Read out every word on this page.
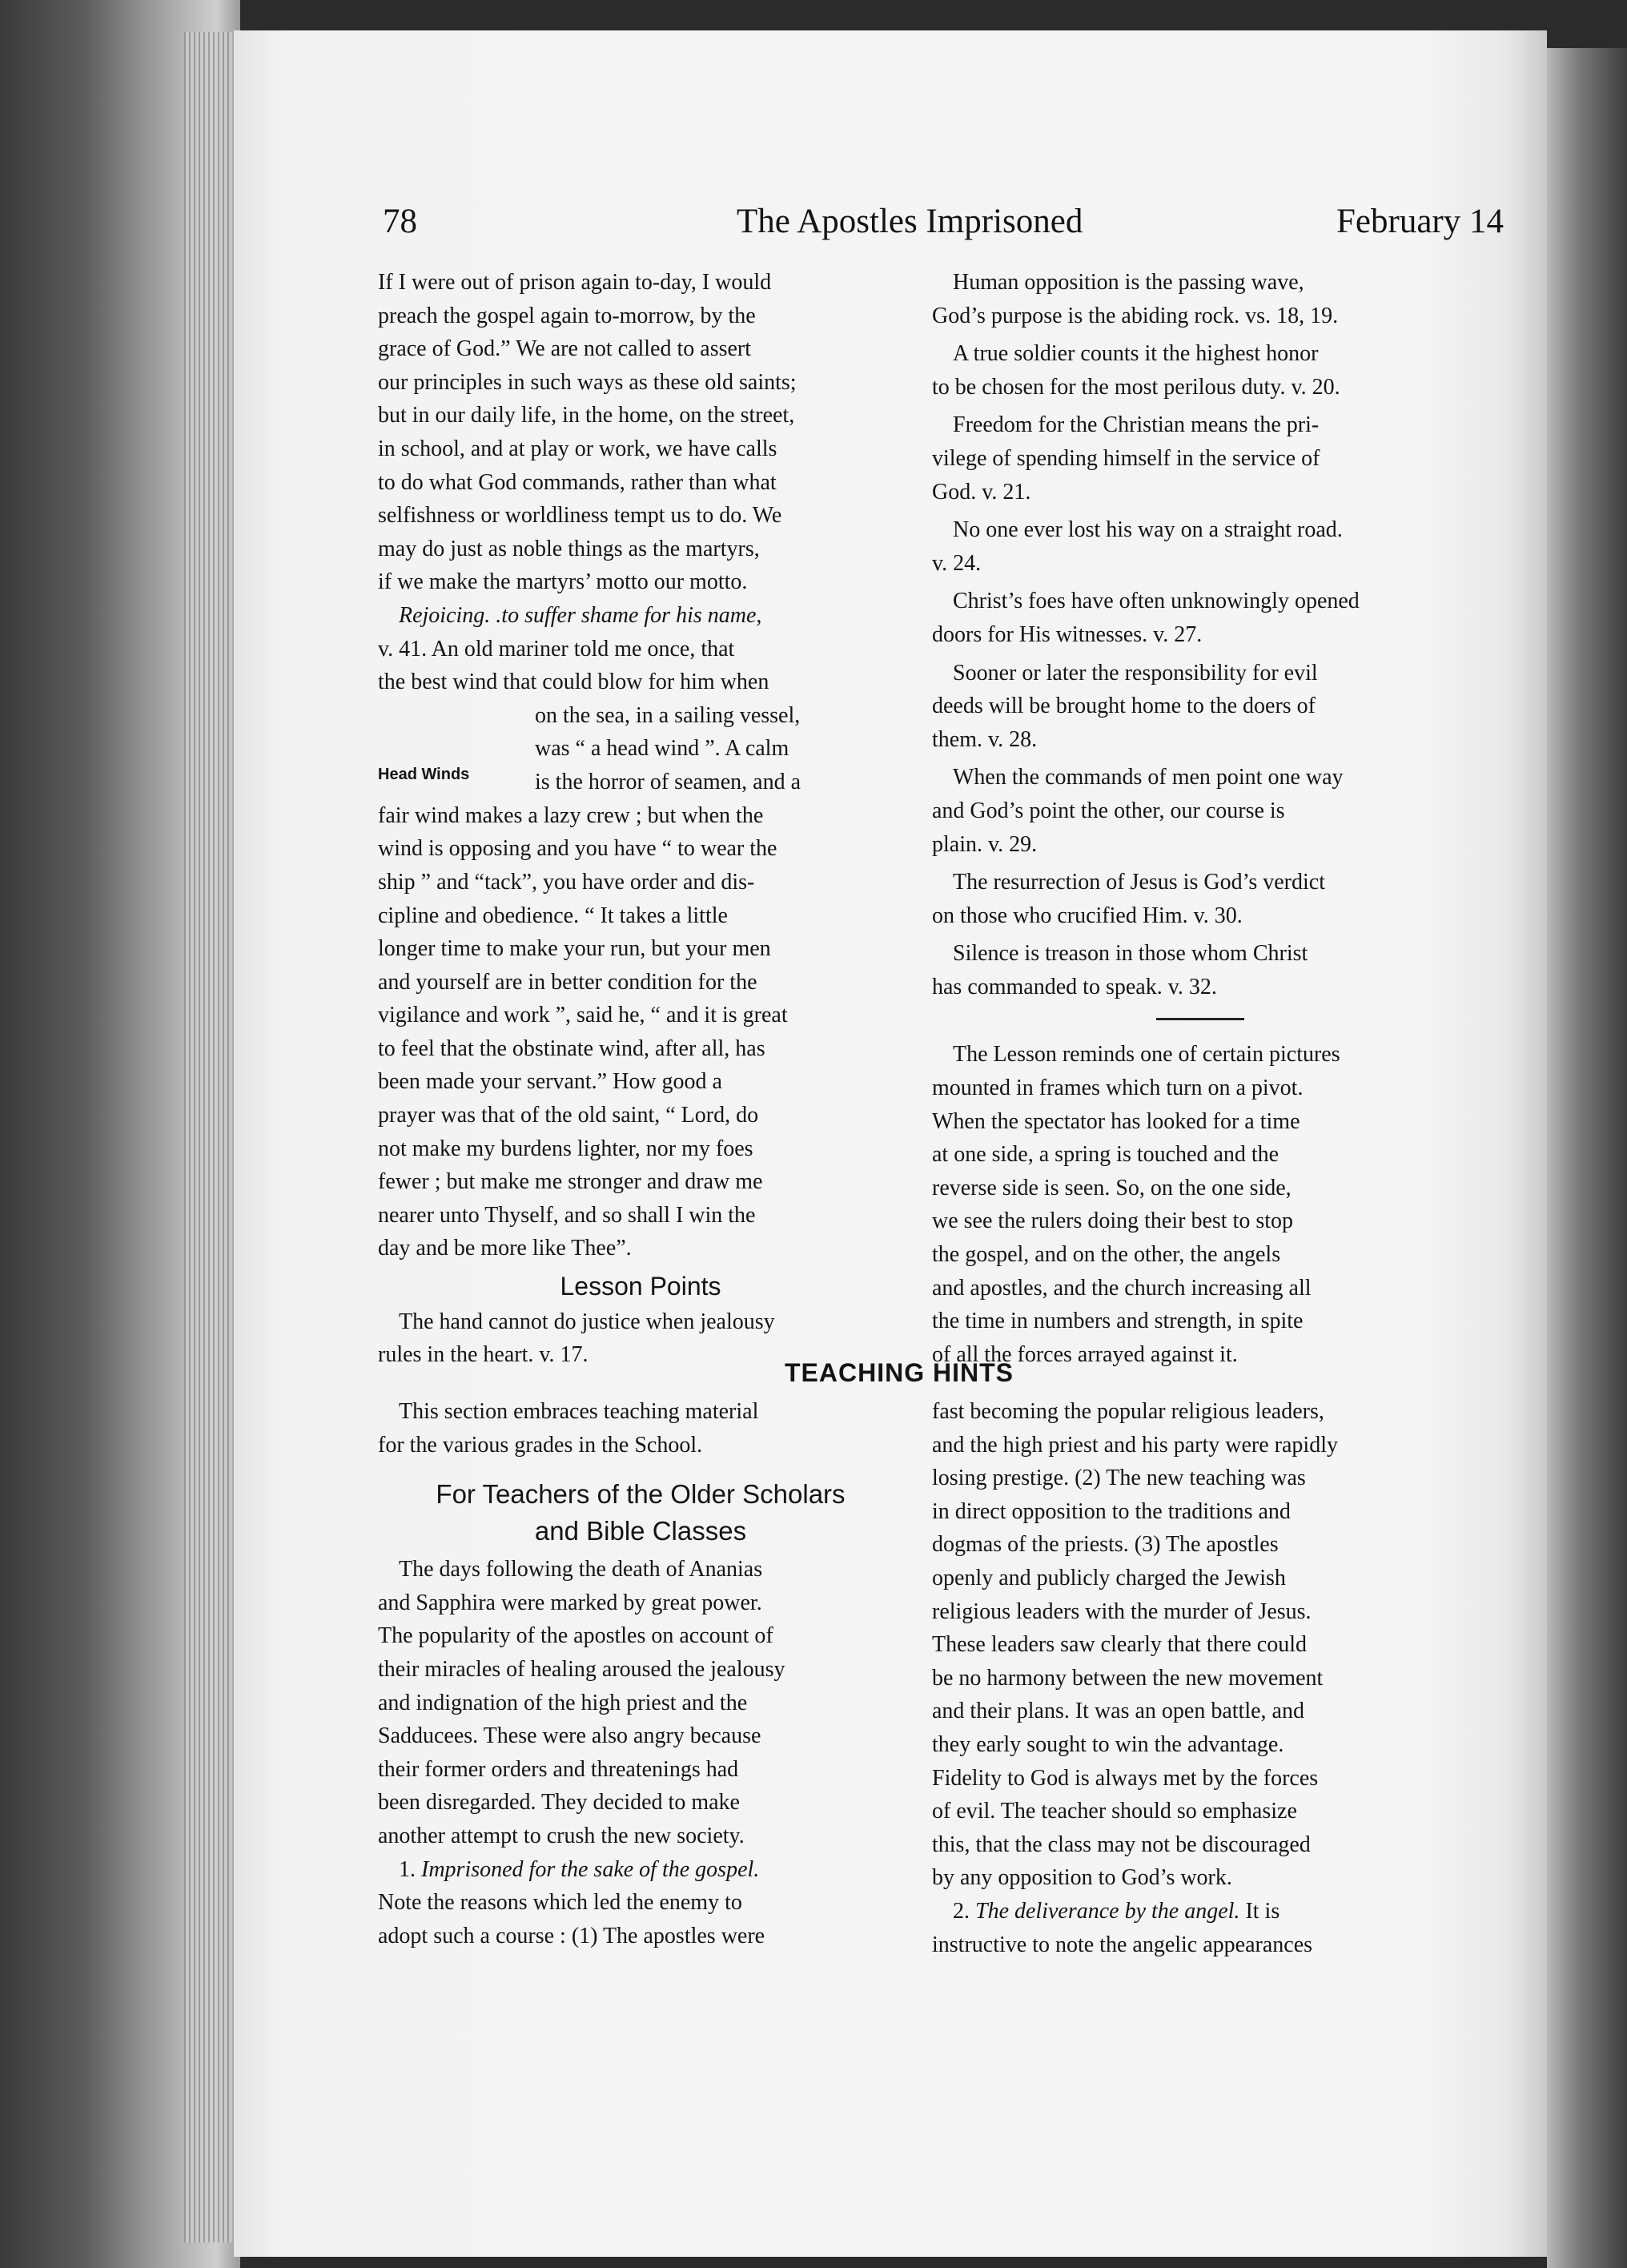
78	The Apostles Imprisoned	February 14

If I were out of prison again to-day, I would

preach the gospel again to-morrow, by the

grace of God.” We are not called to assert

our principles in such ways as these old saints;

but in our daily life, in the home, on the street,

in school, and at play or work, we have calls

to do what God commands, rather than what

selfishness or worldliness tempt us to do. We

may do just as noble things as the martyrs,

if we make the martyrs’ motto our motto.

Rejoicing. .to suffer shame for his name,

v. 41. An old mariner told me once, that

the best wind that could blow for him when

Head Winds

on the sea, in a sailing vessel,

was “ a head wind ”. A calm

is the horror of seamen, and a

fair wind makes a lazy crew ; but when the

wind is opposing and you have “ to wear the

ship ” and “tack”, you have order and dis-

cipline and obedience. “ It takes a little

longer time to make your run, but your men

and yourself are in better condition for the

vigilance and work ”, said he, “ and it is great

to feel that the obstinate wind, after all, has

been made your servant.” How good a

prayer was that of the old saint, “ Lord, do

not make my burdens lighter, nor my foes

fewer ; but make me stronger and draw me

nearer unto Thyself, and so shall I win the

day and be more like Thee”.

Lesson Points

The hand cannot do justice when jealousy

rules in the heart. v. 17.

Human opposition is the passing wave,

God’s purpose is the abiding rock. vs. 18, 19.

A true soldier counts it the highest honor

to be chosen for the most perilous duty. v. 20.

Freedom for the Christian means the pri-

vilege of spending himself in the service of

God. v. 21.

No one ever lost his way on a straight road.

v. 24.

Christ’s foes have often unknowingly opened

doors for His witnesses. v. 27.

Sooner or later the responsibility for evil

deeds will be brought home to the doers of

them. v. 28.

When the commands of men point one way

and God’s point the other, our course is

plain. v. 29.

The resurrection of Jesus is God’s verdict

on those who crucified Him. v. 30.

Silence is treason in those whom Christ

has commanded to speak. v. 32.

The Lesson reminds one of certain pictures

mounted in frames which turn on a pivot.

When the spectator has looked for a time

at one side, a spring is touched and the

reverse side is seen. So, on the one side,

we see the rulers doing their best to stop

the gospel, and on the other, the angels

and apostles, and the church increasing all

the time in numbers and strength, in spite

of all the forces arrayed against it.

TEACHING HINTS

This section embraces teaching material

for the various grades in the School.

For Teachers of the Older Scholars
and Bible Classes

The days following the death of Ananias

and Sapphira were marked by great power.

The popularity of the apostles on account of

their miracles of healing aroused the jealousy

and indignation of the high priest and the

Sadducees. These were also angry because

their former orders and threatenings had

been disregarded. They decided to make

another attempt to crush the new society.

1. Imprisoned for the sake of the gospel.

Note the reasons which led the enemy to

adopt such a course : (1) The apostles were

fast becoming the popular religious leaders,

and the high priest and his party were rapidly

losing prestige. (2) The new teaching was

in direct opposition to the traditions and

dogmas of the priests. (3) The apostles

openly and publicly charged the Jewish

religious leaders with the murder of Jesus.

These leaders saw clearly that there could

be no harmony between the new movement

and their plans. It was an open battle, and

they early sought to win the advantage.

Fidelity to God is always met by the forces

of evil. The teacher should so emphasize

this, that the class may not be discouraged

by any opposition to God’s work.

2. The deliverance by the angel. It is

instructive to note the angelic appearances
